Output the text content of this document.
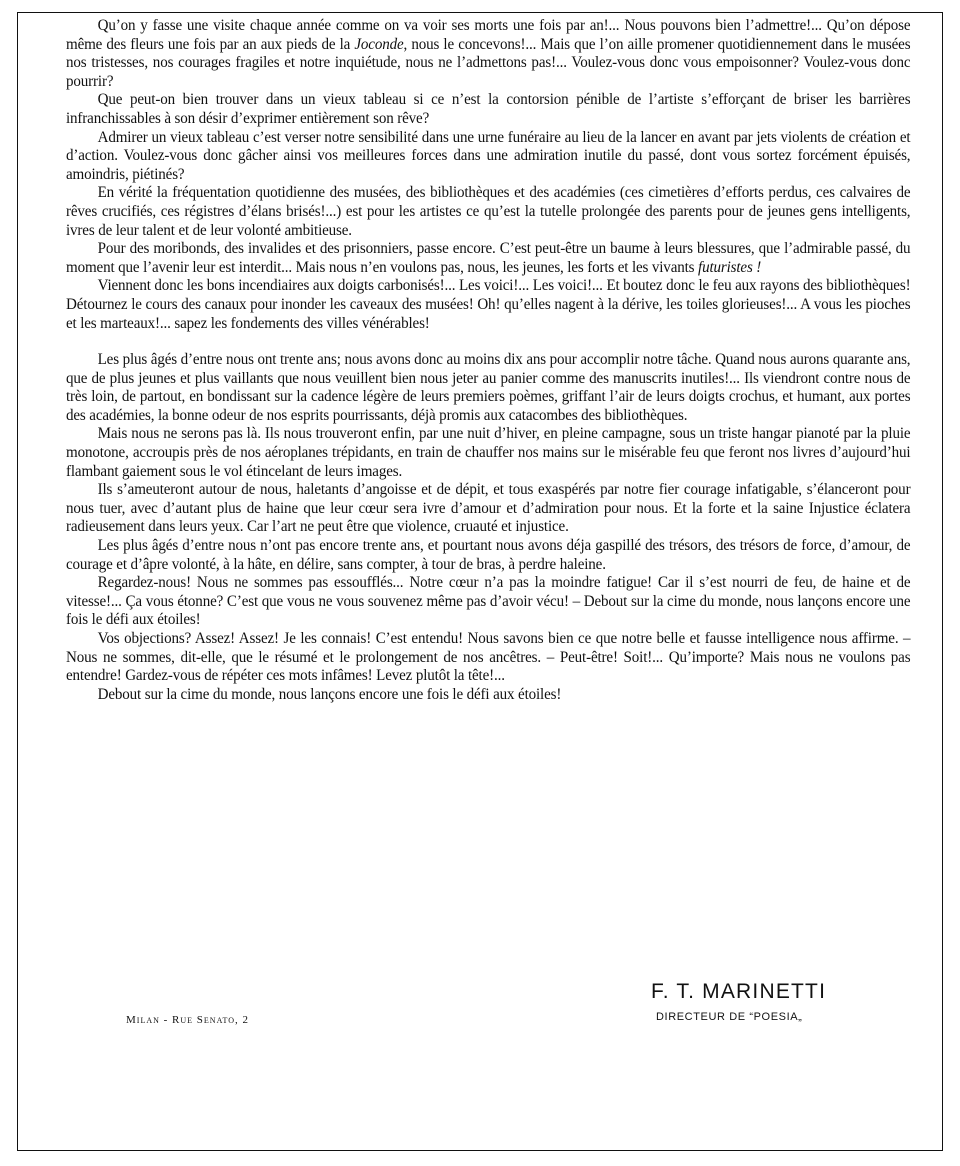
Qu’on y fasse une visite chaque année comme on va voir ses morts une fois par an!... Nous pouvons bien l’admettre!... Qu’on dépose même des fleurs une fois par an aux pieds de la Joconde, nous le concevons!... Mais que l’on aille promener quotidiennement dans le musées nos tristesses, nos courages fragiles et notre inquiétude, nous ne l’admettons pas!... Voulez-vous donc vous empoisonner? Voulez-vous donc pourrir?

Que peut-on bien trouver dans un vieux tableau si ce n’est la contorsion pénible de l’artiste s’efforçant de briser les barrières infranchissables à son désir d’exprimer entièrement son rêve?

Admirer un vieux tableau c’est verser notre sensibilité dans une urne funéraire au lieu de la lancer en avant par jets violents de création et d’action. Voulez-vous donc gâcher ainsi vos meilleures forces dans une admiration inutile du passé, dont vous sortez forcément épuisés, amoindris, piétinés?

En vérité la fréquentation quotidienne des musées, des bibliothèques et des académies (ces cimetières d’efforts perdus, ces calvaires de rêves crucifiés, ces régistres d’élans brisés!...) est pour les artistes ce qu’est la tutelle prolongée des parents pour de jeunes gens intelligents, ivres de leur talent et de leur volonté ambitieuse.

Pour des moribonds, des invalides et des prisonniers, passe encore. C’est peut-être un baume à leurs blessures, que l’admirable passé, du moment que l’avenir leur est interdit... Mais nous n’en voulons pas, nous, les jeunes, les forts et les vivants futuristes !

Viennent donc les bons incendiaires aux doigts carbonisés!... Les voici!... Les voici!... Et boutez donc le feu aux rayons des bibliothèques! Détournez le cours des canaux pour inonder les caveaux des musées! Oh! qu’elles nagent à la dérive, les toiles glorieuses!... A vous les pioches et les marteaux!... sapez les fondements des villes vénérables!

Les plus âgés d’entre nous ont trente ans; nous avons donc au moins dix ans pour accomplir notre tâche. Quand nous aurons quarante ans, que de plus jeunes et plus vaillants que nous veuillent bien nous jeter au panier comme des manuscrits inutiles!... Ils viendront contre nous de très loin, de partout, en bondissant sur la cadence légère de leurs premiers poèmes, griffant l’air de leurs doigts crochus, et humant, aux portes des académies, la bonne odeur de nos esprits pourrissants, déjà promis aux catacombes des bibliothèques.

Mais nous ne serons pas là. Ils nous trouveront enfin, par une nuit d’hiver, en pleine campagne, sous un triste hangar pianoté par la pluie monotone, accroupis près de nos aéroplanes trépidants, en train de chauffer nos mains sur le misérable feu que feront nos livres d’aujourd’hui flambant gaiement sous le vol étincelant de leurs images.

Ils s’ameuteront autour de nous, haletants d’angoisse et de dépit, et tous exaspérés par notre fier courage infatigable, s’élanceront pour nous tuer, avec d’autant plus de haine que leur cœur sera ivre d’amour et d’admiration pour nous. Et la forte et la saine Injustice éclatera radieusement dans leurs yeux. Car l’art ne peut être que violence, cruauté et injustice.

Les plus âgés d’entre nous n’ont pas encore trente ans, et pourtant nous avons déja gaspillé des trésors, des trésors de force, d’amour, de courage et d’âpre volonté, à la hâte, en délire, sans compter, à tour de bras, à perdre haleine.

Regardez-nous! Nous ne sommes pas essoufflés... Notre cœur n’a pas la moindre fatigue! Car il s’est nourri de feu, de haine et de vitesse!... Ça vous étonne? C’est que vous ne vous souvenez même pas d’avoir vécu! – Debout sur la cime du monde, nous lançons encore une fois le défi aux étoiles!

Vos objections? Assez! Assez! Je les connais! C’est entendu! Nous savons bien ce que notre belle et fausse intelligence nous affirme. – Nous ne sommes, dit-elle, que le résumé et le prolongement de nos ancêtres. – Peut-être! Soit!... Qu’importe? Mais nous ne voulons pas entendre! Gardez-vous de répéter ces mots infâmes! Levez plutôt la tête!...

Debout sur la cime du monde, nous lançons encore une fois le défi aux étoiles!

F. T. MARINETTI
DIRECTEUR DE “POESIA„
Milan - Rue Senato, 2
